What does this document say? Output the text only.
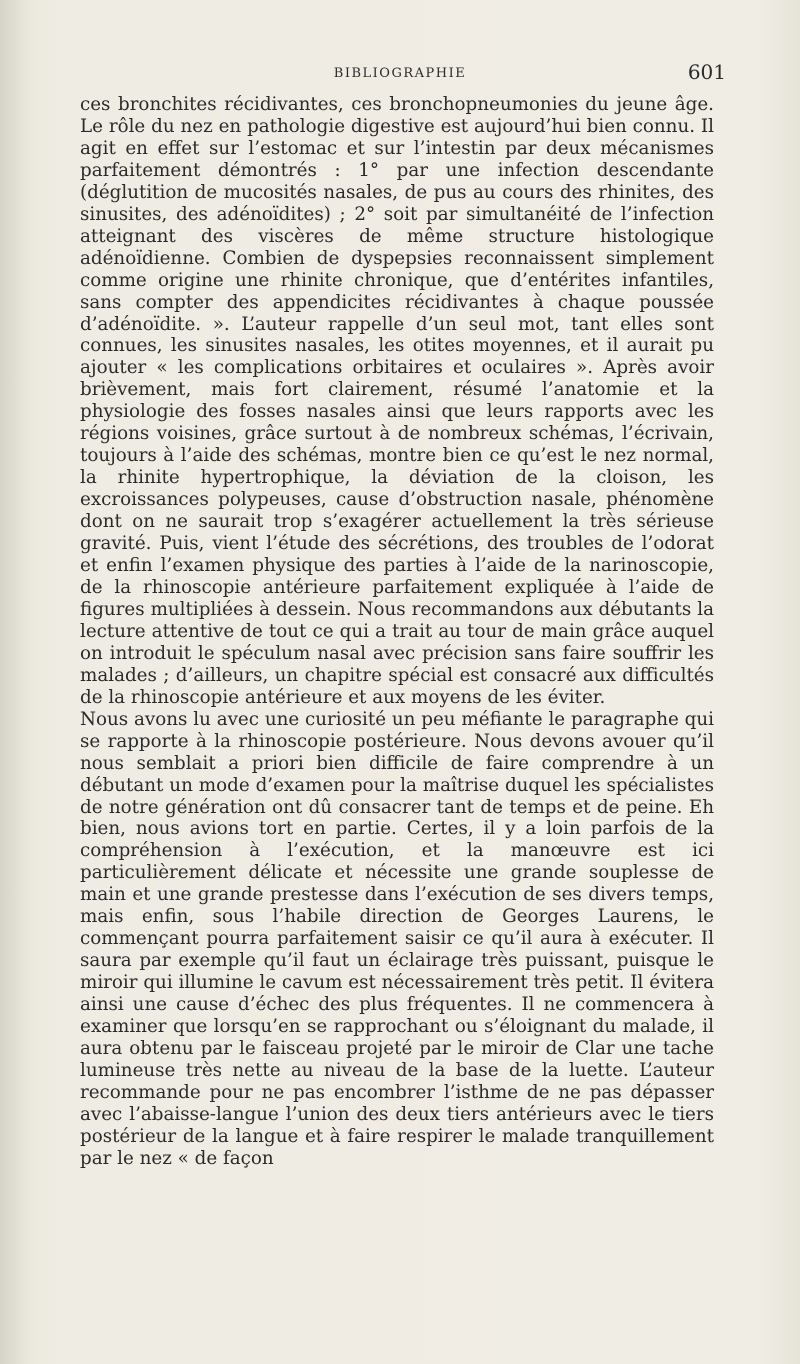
BIBLIOGRAPHIE	601

ces bronchites récidivantes, ces bronchopneumonies du jeune âge. Le rôle du nez en pathologie digestive est aujourd’hui bien connu. Il agit en effet sur l’estomac et sur l’intestin par deux mécanismes parfaitement démontrés : 1° par une infection descendante (déglutition de mucosités nasales, de pus au cours des rhinites, des sinusites, des adénoïdites) ; 2° soit par simultanéité de l’infection atteignant des viscères de même structure histologique adénoïdienne. Combien de dyspepsies reconnaissent simplement comme origine une rhinite chronique, que d’entérites infantiles, sans compter des appendicites récidivantes à chaque poussée d’adénoïdite. ». L’auteur rappelle d’un seul mot, tant elles sont connues, les sinusites nasales, les otites moyennes, et il aurait pu ajouter « les complications orbitaires et oculaires ». Après avoir brièvement, mais fort clairement, résumé l’anatomie et la physiologie des fosses nasales ainsi que leurs rapports avec les régions voisines, grâce surtout à de nombreux schémas, l’écrivain, toujours à l’aide des schémas, montre bien ce qu’est le nez normal, la rhinite hypertrophique, la déviation de la cloison, les excroissances polypeuses, cause d’obstruction nasale, phénomène dont on ne saurait trop s’exagérer actuellement la très sérieuse gravité. Puis, vient l’étude des sécrétions, des troubles de l’odorat et enfin l’examen physique des parties à l’aide de la narinoscopie, de la rhinoscopie antérieure parfaitement expliquée à l’aide de figures multipliées à dessein. Nous recommandons aux débutants la lecture attentive de tout ce qui a trait au tour de main grâce auquel on introduit le spéculum nasal avec précision sans faire souffrir les malades ; d’ailleurs, un chapitre spécial est consacré aux difficultés de la rhinoscopie antérieure et aux moyens de les éviter.

Nous avons lu avec une curiosité un peu méfiante le paragraphe qui se rapporte à la rhinoscopie postérieure. Nous devons avouer qu’il nous semblait a priori bien difficile de faire comprendre à un débutant un mode d’examen pour la maîtrise duquel les spécialistes de notre génération ont dû consacrer tant de temps et de peine. Eh bien, nous avions tort en partie. Certes, il y a loin parfois de la compréhension à l’exécution, et la manœuvre est ici particulièrement délicate et nécessite une grande souplesse de main et une grande prestesse dans l’exécution de ses divers temps, mais enfin, sous l’habile direction de Georges Laurens, le commençant pourra parfaitement saisir ce qu’il aura à exécuter. Il saura par exemple qu’il faut un éclairage très puissant, puisque le miroir qui illumine le cavum est nécessairement très petit. Il évitera ainsi une cause d’échec des plus fréquentes. Il ne commencera à examiner que lorsqu’en se rapprochant ou s’éloignant du malade, il aura obtenu par le faisceau projeté par le miroir de Clar une tache lumineuse très nette au niveau de la base de la luette. L’auteur recommande pour ne pas encombrer l’isthme de ne pas dépasser avec l’abaisse-langue l’union des deux tiers antérieurs avec le tiers postérieur de la langue et à faire respirer le malade tranquillement par le nez « de façon
